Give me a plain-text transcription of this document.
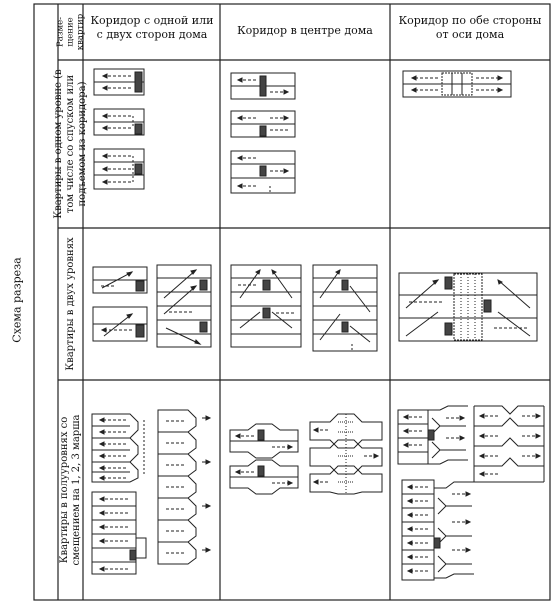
Схема разреза
Разме-щение квартир Коридор с одной или с двух сторон дома	Коридор в центре дома
Коридор по обе стороны от оси дома
Квартиры в одном уровне (в том числе со спуском или подъемом из коридора)
Квартиры в двух уровнях
Квартиры в полууровнях со смещением на 1, 2, 3 марша
